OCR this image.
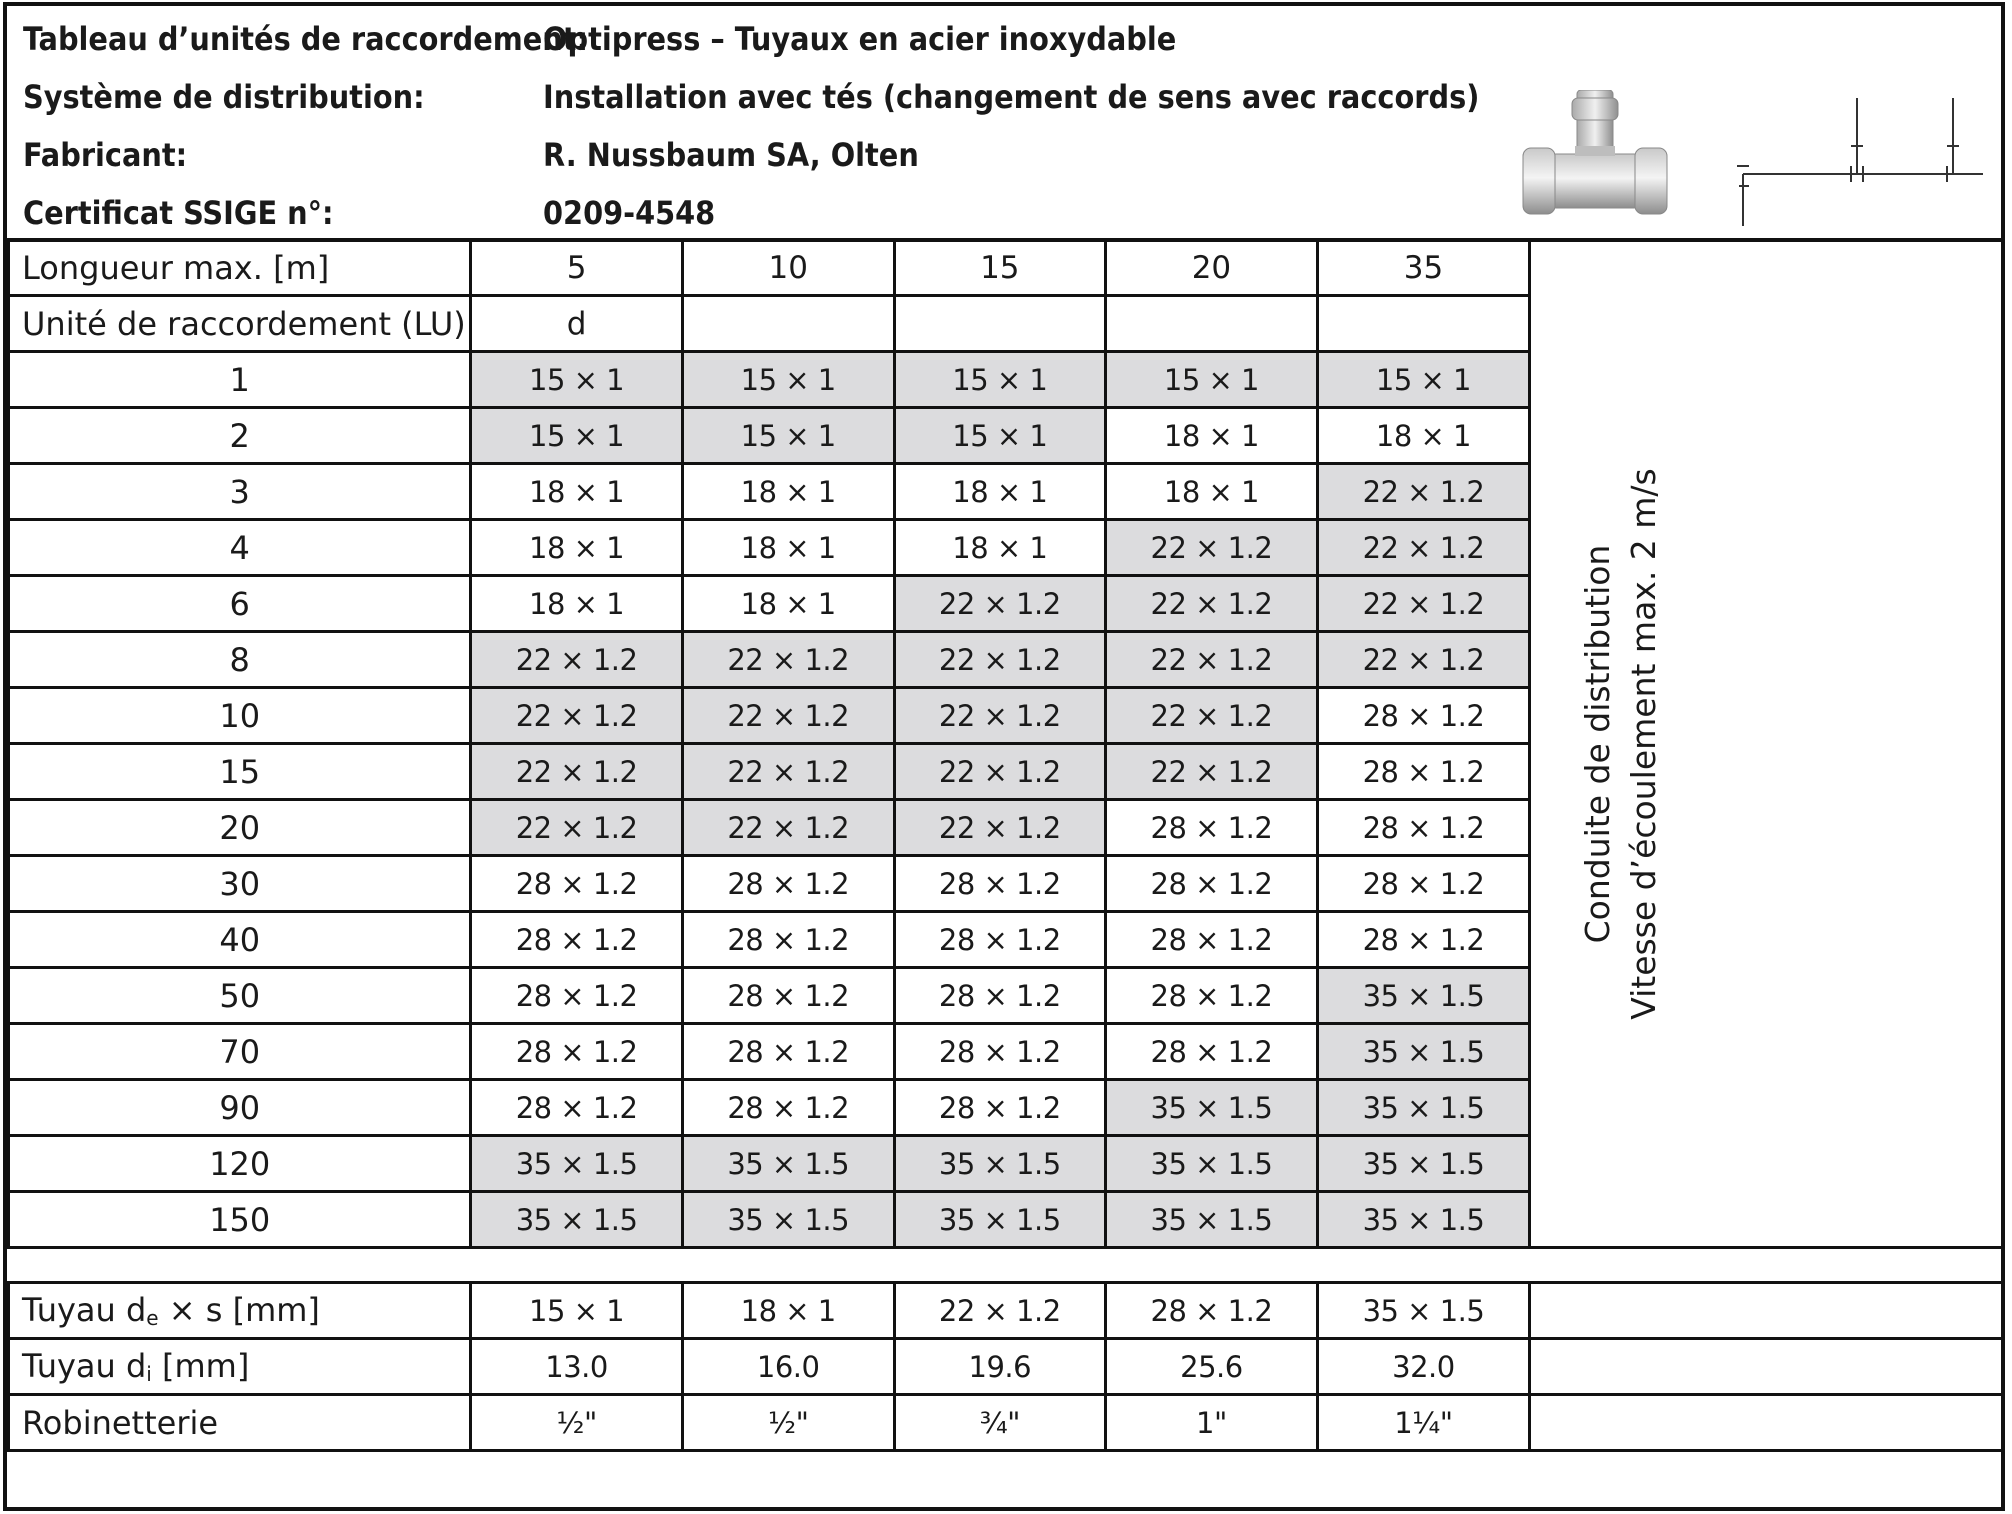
Tableau d’unités de raccordement:
Optipress – Tuyaux en acier inoxydable
Système de distribution:	Installation avec tés (changement de sens avec raccords)
Fabricant:	R. Nussbaum SA, Olten
Certificat SSIGE n°:	0209-4548
Longueur max. [m]	5	10	15	20	35	Conduite de distribution Vitesse d’écoulement max. 2 m/s

Unité de raccordement (LU)	d					
1	15 × 1	15 × 1	15 × 1	15 × 1	15 × 1	
2	15 × 1	15 × 1	15 × 1	18 × 1	18 × 1	
3	18 × 1	18 × 1	18 × 1	18 × 1	22 × 1.2	
4	18 × 1	18 × 1	18 × 1	22 × 1.2	22 × 1.2	
6	18 × 1	18 × 1	22 × 1.2	22 × 1.2	22 × 1.2	
8	22 × 1.2	22 × 1.2	22 × 1.2	22 × 1.2	22 × 1.2	
10	22 × 1.2	22 × 1.2	22 × 1.2	22 × 1.2	28 × 1.2	
15	22 × 1.2	22 × 1.2	22 × 1.2	22 × 1.2	28 × 1.2	
20	22 × 1.2	22 × 1.2	22 × 1.2	28 × 1.2	28 × 1.2	
30	28 × 1.2	28 × 1.2	28 × 1.2	28 × 1.2	28 × 1.2	
40	28 × 1.2	28 × 1.2	28 × 1.2	28 × 1.2	28 × 1.2	
50	28 × 1.2	28 × 1.2	28 × 1.2	28 × 1.2	35 × 1.5	
70	28 × 1.2	28 × 1.2	28 × 1.2	28 × 1.2	35 × 1.5	
90	28 × 1.2	28 × 1.2	28 × 1.2	35 × 1.5	35 × 1.5	
120	35 × 1.5	35 × 1.5	35 × 1.5	35 × 1.5	35 × 1.5	
150	35 × 1.5	35 × 1.5	35 × 1.5	35 × 1.5	35 × 1.5	

Tuyau $d_e \times s$ [mm]	15 × 1	18 × 1	22 × 1.2	28 × 1.2	35 × 1.5	
Tuyau $d_i$ [mm]	13.0	16.0	19.6	25.6	32.0	
Robinetterie	½"	½"	¾"	1"	1¼"	
